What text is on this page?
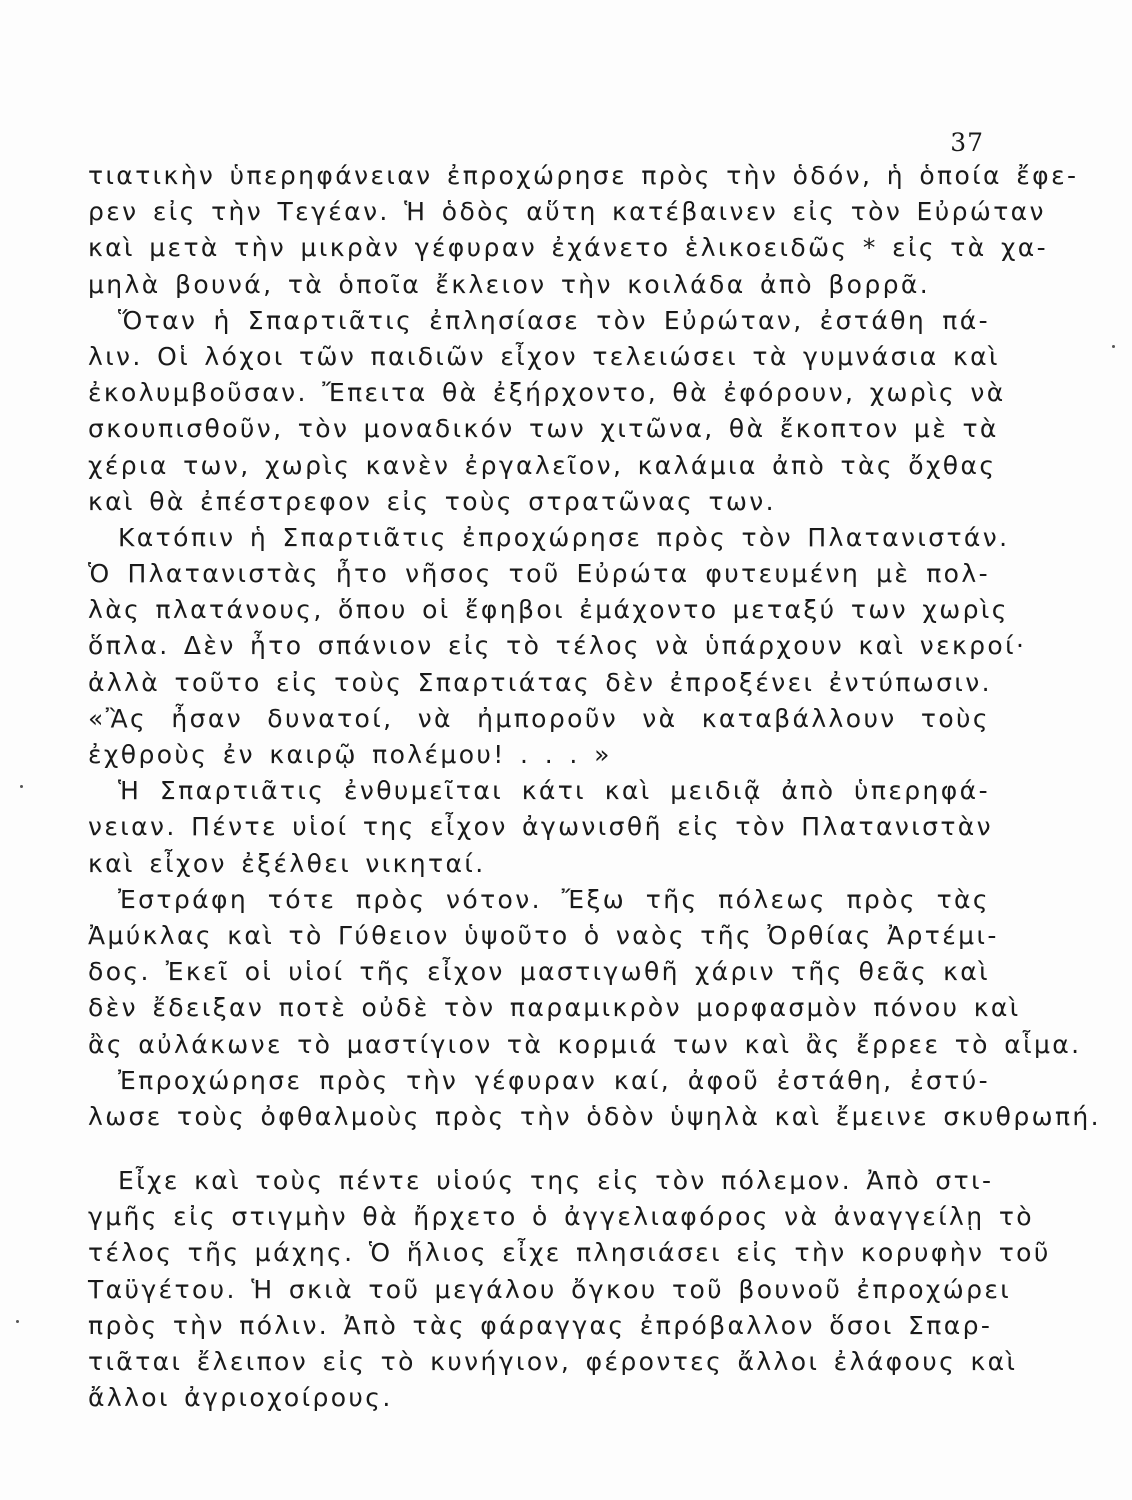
37
τιατικὴν ὑπερηφάνειαν ἐπροχώρησε πρὸς τὴν ὁδόν, ἡ ὁποία ἔφε-
ρεν εἰς τὴν Τεγέαν. Ἡ ὁδὸς αὕτη κατέβαινεν εἰς τὸν Εὐρώταν
καὶ μετὰ τὴν μικρὰν γέφυραν ἐχάνετο ἑλικοειδῶς * εἰς τὰ χα-
μηλὰ βουνά, τὰ ὁποῖα ἔκλειον τὴν κοιλάδα ἀπὸ βορρᾶ.
Ὅταν ἡ Σπαρτιᾶτις ἐπλησίασε τὸν Εὐρώταν, ἐστάθη πά-
λιν. Οἱ λόχοι τῶν παιδιῶν εἶχον τελειώσει τὰ γυμνάσια καὶ
ἐκολυμβοῦσαν. Ἔπειτα θὰ ἐξήρχοντο, θὰ ἐφόρουν, χωρὶς νὰ
σκουπισθοῦν, τὸν μοναδικόν των χιτῶνα, θὰ ἔκοπτον μὲ τὰ
χέρια των, χωρὶς κανὲν ἐργαλεῖον, καλάμια ἀπὸ τὰς ὄχθας
καὶ θὰ ἐπέστρεφον εἰς τοὺς στρατῶνας των.
Κατόπιν ἡ Σπαρτιᾶτις ἐπροχώρησε πρὸς τὸν Πλατανιστάν.
Ὁ Πλατανιστὰς ἦτο νῆσος τοῦ Εὐρώτα φυτευμένη μὲ πολ-
λὰς πλατάνους, ὅπου οἱ ἔφηβοι ἐμάχοντο μεταξύ των χωρὶς
ὅπλα. Δὲν ἦτο σπάνιον εἰς τὸ τέλος νὰ ὑπάρχουν καὶ νεκροί·
ἀλλὰ τοῦτο εἰς τοὺς Σπαρτιάτας δὲν ἐπροξένει ἐντύπωσιν.
«Ἂς ἦσαν δυνατοί, νὰ ἠμποροῦν νὰ καταβάλλουν τοὺς
ἐχθροὺς ἐν καιρῷ πολέμου! . . . »
Ἡ Σπαρτιᾶτις ἐνθυμεῖται κάτι καὶ μειδιᾷ ἀπὸ ὑπερηφά-
νειαν. Πέντε υἱοί της εἶχον ἀγωνισθῆ εἰς τὸν Πλατανιστὰν
καὶ εἶχον ἐξέλθει νικηταί.
Ἐστράφη τότε πρὸς νότον. Ἔξω τῆς πόλεως πρὸς τὰς
Ἀμύκλας καὶ τὸ Γύθειον ὑψοῦτο ὁ ναὸς τῆς Ὀρθίας Ἀρτέμι-
δος. Ἐκεῖ οἱ υἱοί τῆς εἶχον μαστιγωθῆ χάριν τῆς θεᾶς καὶ
δὲν ἔδειξαν ποτὲ οὐδὲ τὸν παραμικρὸν μορφασμὸν πόνου καὶ
ἂς αὐλάκωνε τὸ μαστίγιον τὰ κορμιά των καὶ ἂς ἔρρεε τὸ αἷμα.
Ἐπροχώρησε πρὸς τὴν γέφυραν καί, ἀφοῦ ἐστάθη, ἐστύ-
λωσε τοὺς ὀφθαλμοὺς πρὸς τὴν ὁδὸν ὑψηλὰ καὶ ἔμεινε σκυθρωπή.
Εἶχε καὶ τοὺς πέντε υἱούς της εἰς τὸν πόλεμον. Ἀπὸ στι-
γμῆς εἰς στιγμὴν θὰ ἤρχετο ὁ ἀγγελιαφόρος νὰ ἀναγγείλῃ τὸ
τέλος τῆς μάχης. Ὁ ἥλιος εἶχε πλησιάσει εἰς τὴν κορυφὴν τοῦ
Ταϋγέτου. Ἡ σκιὰ τοῦ μεγάλου ὄγκου τοῦ βουνοῦ ἐπροχώρει
πρὸς τὴν πόλιν. Ἀπὸ τὰς φάραγγας ἐπρόβαλλον ὅσοι Σπαρ-
τιᾶται ἔλειπον εἰς τὸ κυνήγιον, φέροντες ἄλλοι ἐλάφους καὶ
ἄλλοι ἀγριοχοίρους.
